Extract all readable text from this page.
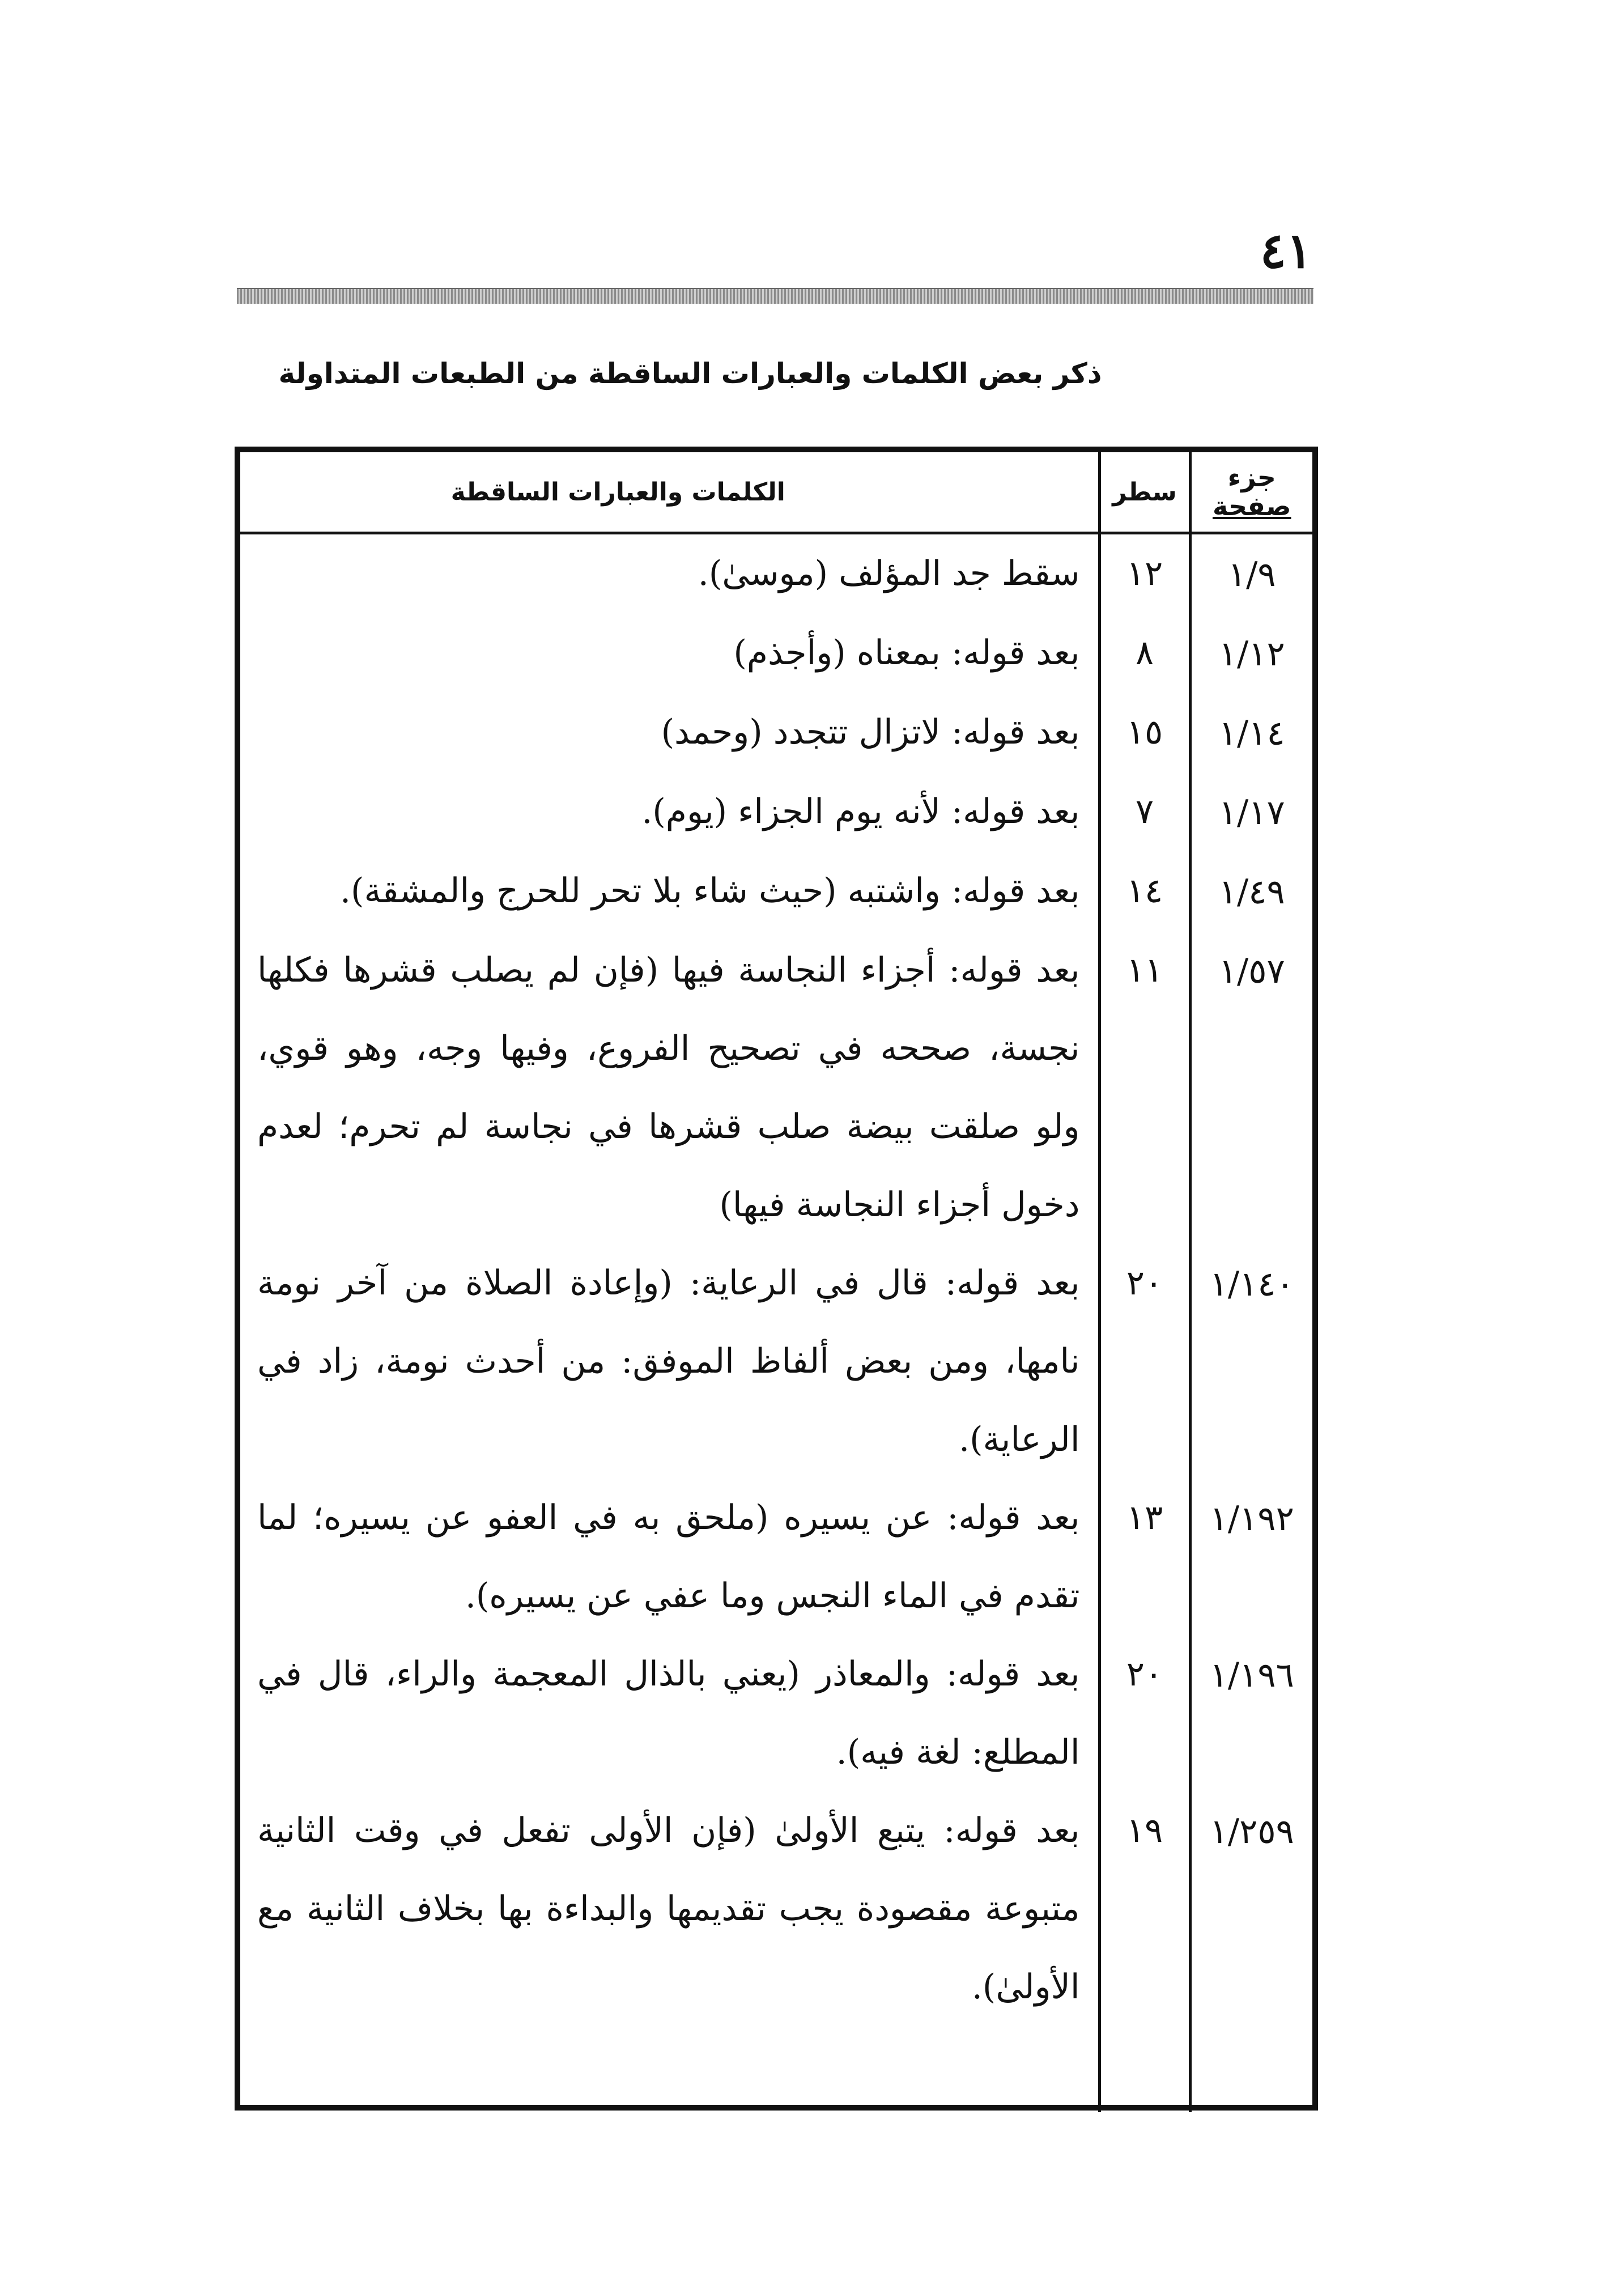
٤١
ذكر بعض الكلمات والعبارات الساقطة من الطبعات المتداولة
جزء
صفحة	سطر	الكلمات والعبارات الساقطة
١/٩	١٢	سقط جد المؤلف (موسىٰ).
١/١٢	٨	بعد قوله: بمعناه (وأجذم)
١/١٤	١٥	بعد قوله: لاتزال تتجدد (وحمد)
١/١٧	٧	بعد قوله: لأنه يوم الجزاء (يوم).
١/٤٩	١٤	بعد قوله: واشتبه (حيث شاء بلا تحر للحرج والمشقة).
١/٥٧	١١	بعد قوله: أجزاء النجاسة فيها (فإن لم يصلب قشرها فكلها نجسة، صححه في تصحيح الفروع، وفيها وجه، وهو قوي، ولو صلقت بيضة صلب قشرها في نجاسة لم تحرم؛ لعدم دخول أجزاء النجاسة فيها)
١/١٤٠	٢٠	بعد قوله: قال في الرعاية: (وإعادة الصلاة من آخر نومة نامها، ومن بعض ألفاظ الموفق: من أحدث نومة، زاد في الرعاية).
١/١٩٢	١٣	بعد قوله: عن يسيره (ملحق به في العفو عن يسيره؛ لما تقدم في الماء النجس وما عفي عن يسيره).
١/١٩٦	٢٠	بعد قوله: والمعاذر (يعني بالذال المعجمة والراء، قال في المطلع: لغة فيه).
١/٢٥٩	١٩	بعد قوله: يتبع الأولىٰ (فإن الأولى تفعل في وقت الثانية متبوعة مقصودة يجب تقديمها والبداءة بها بخلاف الثانية مع الأولىٰ).
